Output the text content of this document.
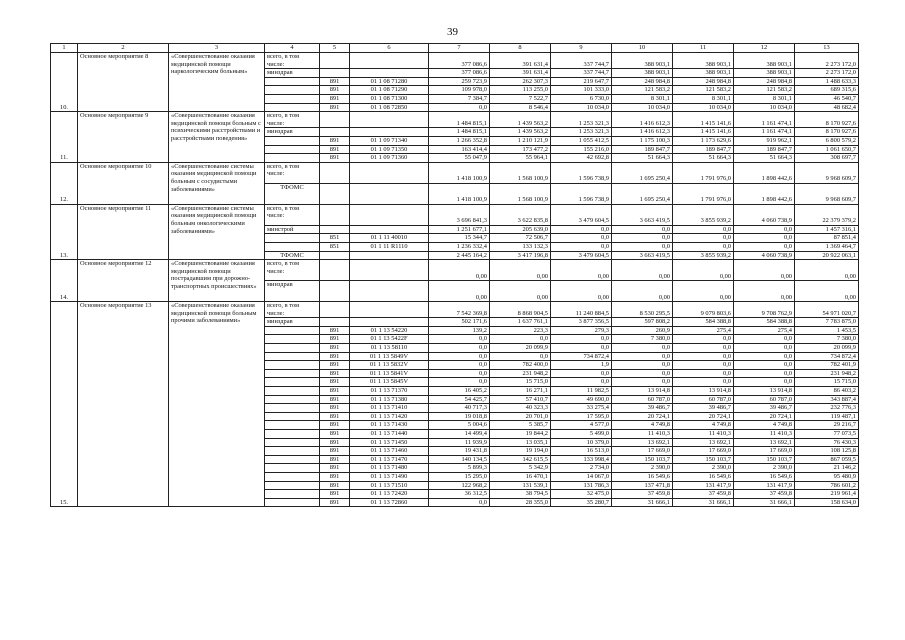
39
1	2	3	4	5	6	7	8	9	10	11	12	13
10.	Основное мероприятие 8	«Совершенствование оказания медицинской помощи наркологическим больным»	всего, в том числе:			377 086,6	391 631,4	337 744,7	388 903,1	388 903,1	388 903,1	2 273 172,0
			минздрав			377 086,6	391 631,4	337 744,7	388 903,1	388 903,1	388 903,1	2 273 172,0
				891	01 1 08 71280	259 723,9	262 307,3	219 647,7	248 984,8	248 984,8	248 984,8	1 488 633,3
				891	01 1 08 71290	109 978,0	113 255,0	101 333,0	121 583,2	121 583,2	121 583,2	689 315,6
				891	01 1 08 71300	7 384,7	7 522,7	6 730,0	8 301,1	8 301,1	8 301,1	46 540,7
				891	01 1 08 72850	0,0	8 546,4	10 034,0	10 034,0	10 034,0	10 034,0	48 682,4
11.	Основное мероприятие 9	«Совершенствование оказания медицинской помощи больным с психическими расстройствами и расстройствами поведения»	всего, в том числе:			1 484 815,1	1 439 563,2	1 253 321,3	1 416 612,3	1 415 141,6	1 161 474,1	8 170 927,6
			минздрав			1 484 815,1	1 439 563,2	1 253 321,3	1 416 612,3	1 415 141,6	1 161 474,1	8 170 927,6
				891	01 1 09 71340	1 266 352,8	1 210 121,9	1 055 412,5	1 175 100,3	1 173 629,6	919 962,1	6 800 579,2
				891	01 1 09 71350	163 414,4	173 477,2	155 216,0	189 847,7	189 847,7	189 847,7	1 061 650,7
				891	01 1 09 71360	55 047,9	55 964,1	42 692,8	51 664,3	51 664,3	51 664,3	308 697,7
12.	Основное мероприятие 10	«Совершенствование системы оказания медицинской помощи больным с сосудистыми заболеваниями»	всего, в том числе:			1 418 100,9	1 568 100,9	1 596 738,9	1 695 250,4	1 791 976,0	1 898 442,6	9 968 609,7
			ТФОМС			1 418 100,9	1 568 100,9	1 596 738,9	1 695 250,4	1 791 976,0	1 898 442,6	9 968 609,7
13.	Основное мероприятие 11	«Совершенствование системы оказания медицинской помощи больным онкологическими заболеваниями»	всего, в том числе:			3 696 841,3	3 622 835,8	3 479 604,5	3 663 419,5	3 855 939,2	4 060 738,9	22 379 379,2
			минстрой			1 251 677,1	205 639,0	0,0	0,0	0,0	0,0	1 457 316,1
				851	01 1 11 40010	15 344,7	72 506,7	0,0	0,0	0,0	0,0	87 851,4
				851	01 1 11 R1110	1 236 332,4	133 132,3	0,0	0,0	0,0	0,0	1 369 464,7
			ТФОМС			2 445 164,2	3 417 196,8	3 479 604,5	3 663 419,5	3 855 939,2	4 060 738,9	20 922 063,1
14.	Основное мероприятие 12	«Совершенствование оказания медицинской помощи пострадавшим при дорожно-транспортных происшествиях»	всего, в том числе:			0,00	0,00	0,00	0,00	0,00	0,00	0,00
			минздрав			0,00	0,00	0,00	0,00	0,00	0,00	0,00
15.	Основное мероприятие 13	«Совершенствование оказания медицинской помощи больным прочими заболеваниями»	всего, в том числе:			7 542 369,8	8 868 904,5	11 240 884,5	8 530 295,5	9 079 803,6	9 708 762,9	54 971 020,7
			минздрав			502 171,6	1 637 761,1	3 877 356,5	597 808,2	584 388,8	584 388,8	7 783 875,0
				891	01 1 13 54220	139,2	223,3	279,3	260,9	275,4	275,4	1 453,5
				891	01 1 13 5422F	0,0	0,0	0,0	7 380,0	0,0	0,0	7 380,0
				891	01 1 13 58110	0,0	20 099,9	0,0	0,0	0,0	0,0	20 099,9
				891	01 1 13 5849V	0,0	0,0	734 872,4	0,0	0,0	0,0	734 872,4
				891	01 1 13 5832V	0,0	782 400,0	1,9	0,0	0,0	0,0	782 401,9
				891	01 1 13 5841V	0,0	231 948,2	0,0	0,0	0,0	0,0	231 948,2
				891	01 1 13 5845V	0,0	15 715,0	0,0	0,0	0,0	0,0	15 715,0
				891	01 1 13 71370	16 405,2	16 271,1	11 982,5	13 914,8	13 914,8	13 914,8	86 403,2
				891	01 1 13 71380	54 425,7	57 410,7	49 690,0	60 787,0	60 787,0	60 787,0	343 887,4
				891	01 1 13 71410	40 717,3	40 323,3	33 275,4	39 486,7	39 486,7	39 486,7	232 776,3
				891	01 1 13 71420	19 018,8	20 701,0	17 595,0	20 724,1	20 724,1	20 724,1	119 487,1
				891	01 1 13 71430	5 004,6	5 385,7	4 577,0	4 749,8	4 749,8	4 749,8	29 216,7
				891	01 1 13 71440	14 499,4	19 844,2	5 499,0	11 410,3	11 410,3	11 410,3	77 073,5
				891	01 1 13 71450	11 939,9	13 035,1	10 379,0	13 692,1	13 692,1	13 692,1	76 430,3
				891	01 1 13 71460	19 431,8	19 194,0	16 513,0	17 669,0	17 669,0	17 669,0	108 125,8
				891	01 1 13 71470	140 134,5	142 615,5	133 998,4	150 103,7	150 103,7	150 103,7	867 059,5
				891	01 1 13 71480	5 899,3	5 342,9	2 734,0	2 390,0	2 390,0	2 390,0	21 146,2
				891	01 1 13 71490	15 295,0	16 470,1	14 067,0	16 549,6	16 549,6	16 549,6	95 480,9
				891	01 1 13 71510	122 968,2	131 539,1	131 786,3	137 471,8	131 417,9	131 417,9	786 601,2
				891	01 1 13 72420	36 312,5	38 794,5	32 475,0	37 459,8	37 459,8	37 459,8	219 961,4
				891	01 1 13 72860	0,0	28 355,0	35 280,7	31 666,1	31 666,1	31 666,1	158 634,0
